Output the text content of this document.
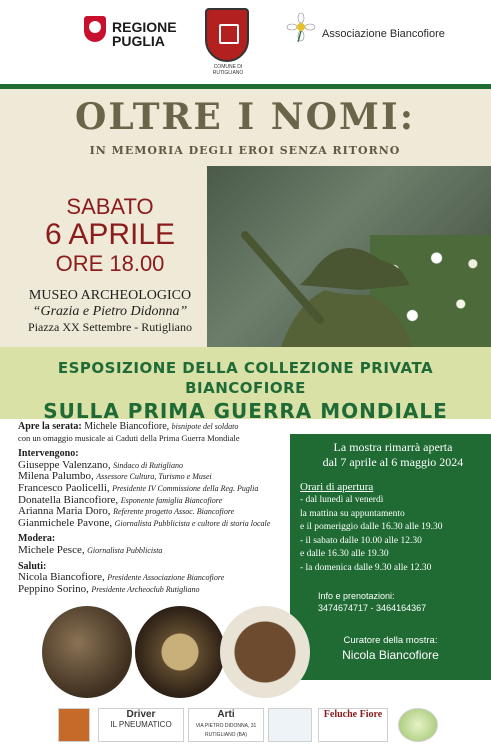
REGIONE
PUGLIA
COMUNE DI RUTIGLIANO
Associazione Biancofiore
OLTRE I NOMI:
IN MEMORIA DEGLI EROI SENZA RITORNO
SABATO
6 APRILE
ORE 18.00
MUSEO ARCHEOLOGICO
“Grazia e Pietro Didonna”
Piazza XX Settembre - Rutigliano
ESPOSIZIONE DELLA COLLEZIONE PRIVATA BIANCOFIORE
SULLA PRIMA GUERRA MONDIALE
Apre la serata: Michele Biancofiore, bisnipote del soldato
con un omaggio musicale ai Caduti della Prima Guerra Mondiale
Intervengono:
Giuseppe Valenzano, Sindaco di Rutigliano
Milena Palumbo, Assessore Cultura, Turismo e Musei
Francesco Paolicelli, Presidente IV Commissione della Reg. Puglia
Donatella Biancofiore, Esponente famiglia Biancofiore
Arianna Maria Doro, Referente progetto Assoc. Biancofiore
Gianmichele Pavone, Giornalista Pubblicista e cultore di storia locale
Modera:
Michele Pesce, Giornalista Pubblicista
Saluti:
Nicola Biancofiore, Presidente Associazione Biancofiore
Peppino Sorino, Presidente Archeoclub Rutigliano
La mostra rimarrà aperta
dal 7 aprile al 6 maggio 2024
Orari di apertura
- dal lunedì al venerdì
la mattina su appuntamento
e il pomeriggio dalle 16.30 alle 19.30
- il sabato dalle 10.00 alle 12.30
e dalle 16.30 alle 19.30
- la domenica dalle 9.30 alle 12.30
Info e prenotazioni:
3474674717 - 3464164367
Curatore della mostra:
Nicola Biancofiore
Driver
IL PNEUMATICO
Arti
VIA PIETRO DIDONNA, 31 RUTIGLIANO (BA)
Feluche Fiore
